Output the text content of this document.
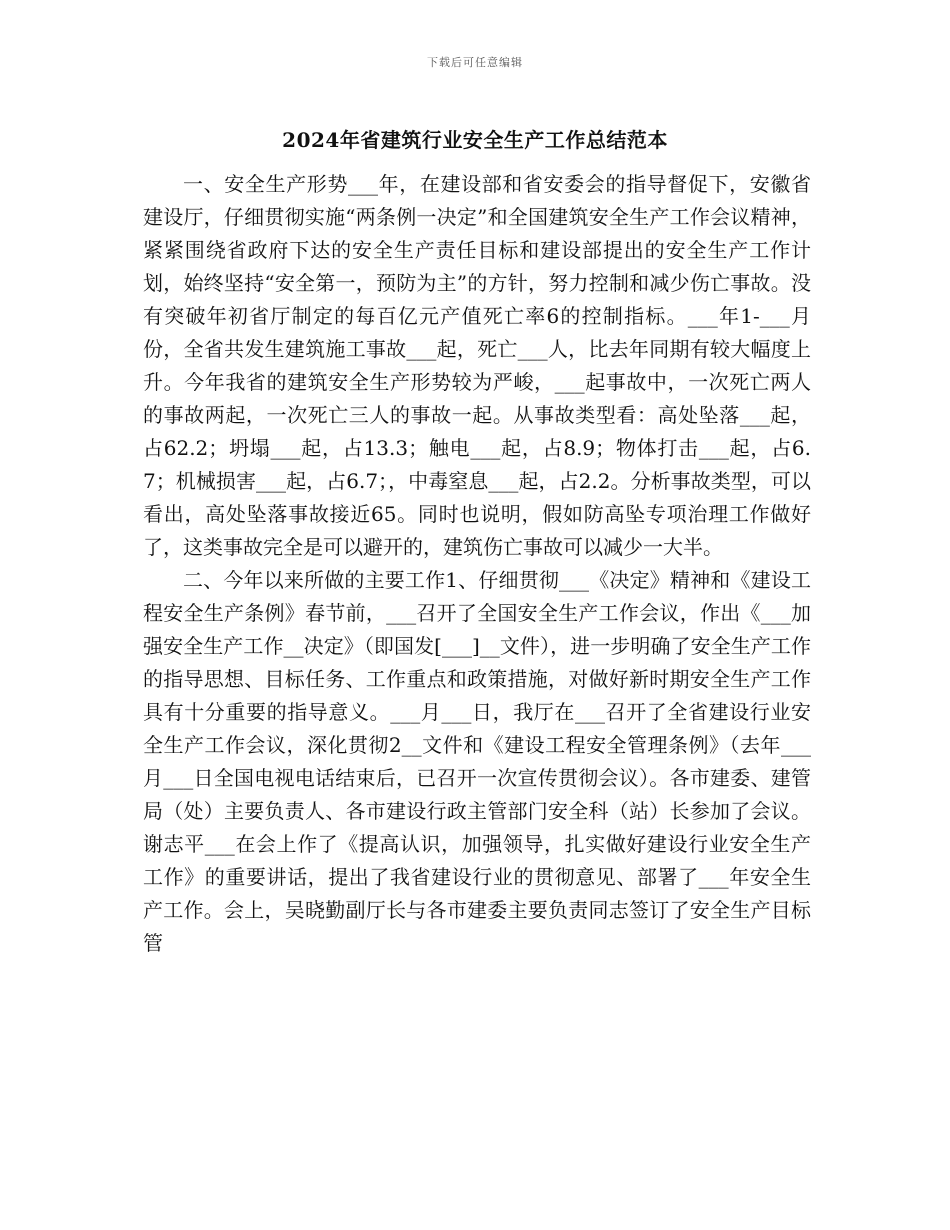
下载后可任意编辑
2024年省建筑行业安全生产工作总结范本

一、安全生产形势___年，在建设部和省安委会的指导督促下，安徽省建设厅，仔细贯彻实施“两条例一决定”和全国建筑安全生产工作会议精神，紧紧围绕省政府下达的安全生产责任目标和建设部提出的安全生产工作计划，始终坚持“安全第一，预防为主”的方针，努力控制和减少伤亡事故。没有突破年初省厅制定的每百亿元产值死亡率6的控制指标。___年1-___月份，全省共发生建筑施工事故___起，死亡___人，比去年同期有较大幅度上升。今年我省的建筑安全生产形势较为严峻，___起事故中，一次死亡两人的事故两起，一次死亡三人的事故一起。从事故类型看：高处坠落___起，占62.2；坍塌___起，占13.3；触电___起，占8.9；物体打击___起，占6.7；机械损害___起，占6.7；，中毒窒息___起，占2.2。分析事故类型，可以看出，高处坠落事故接近65。同时也说明，假如防高坠专项治理工作做好了，这类事故完全是可以避开的，建筑伤亡事故可以减少一大半。

二、今年以来所做的主要工作1、仔细贯彻___《决定》精神和《建设工程安全生产条例》春节前，___召开了全国安全生产工作会议，作出《___加强安全生产工作__决定》（即国发[___]__文件），进一步明确了安全生产工作的指导思想、目标任务、工作重点和政策措施，对做好新时期安全生产工作具有十分重要的指导意义。___月___日，我厅在___召开了全省建设行业安全生产工作会议，深化贯彻2__文件和《建设工程安全管理条例》（去年___月___日全国电视电话结束后，已召开一次宣传贯彻会议）。各市建委、建管局（处）主要负责人、各市建设行政主管部门安全科（站）长参加了会议。谢志平___在会上作了《提高认识，加强领导，扎实做好建设行业安全生产工作》的重要讲话，提出了我省建设行业的贯彻意见、部署了___年安全生产工作。会上，吴晓勤副厅长与各市建委主要负责同志签订了安全生产目标管
